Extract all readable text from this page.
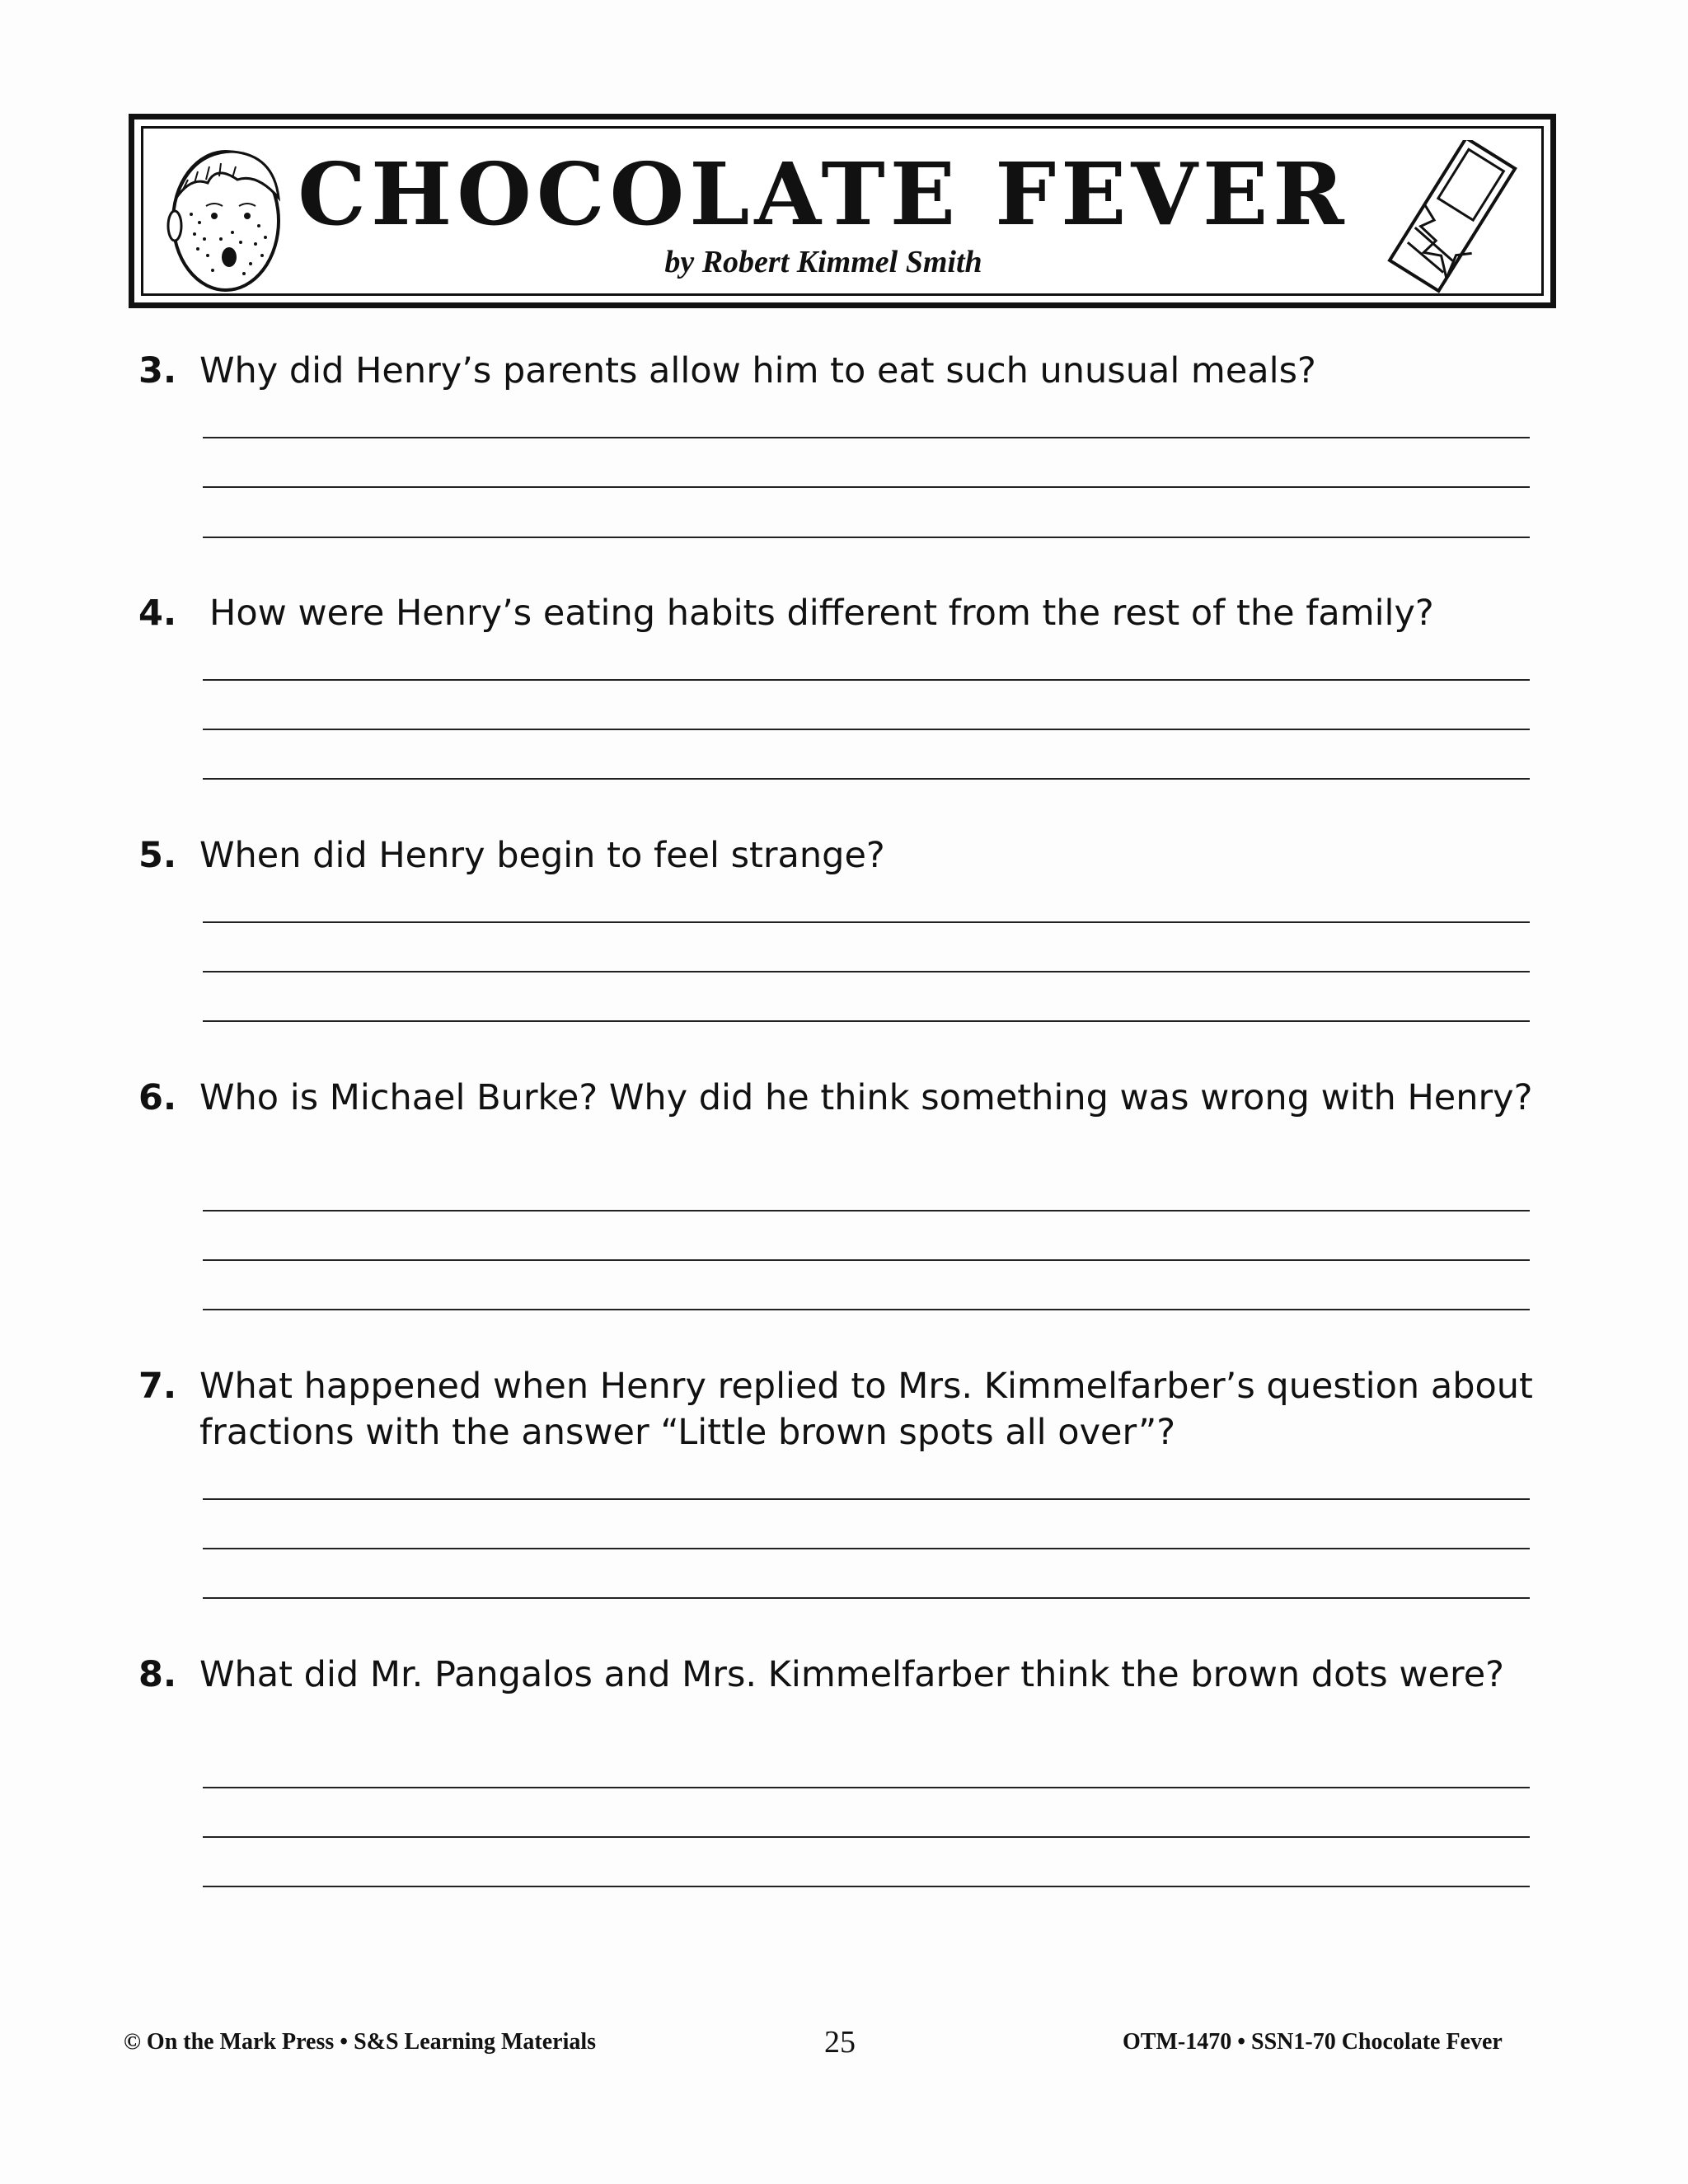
CHOCOLATE FEVER
by Robert Kimmel Smith
3. Why did Henry’s parents allow him to eat such unusual meals?
4. How were Henry’s eating habits different from the rest of the family?
5. When did Henry begin to feel strange?
6. Who is Michael Burke? Why did he think something was wrong with Henry?
7. What happened when Henry replied to Mrs. Kimmelfarber’s question about fractions with the answer “Little brown spots all over”?
8. What did Mr. Pangalos and Mrs. Kimmelfarber think the brown dots were?
© On the Mark Press • S&S Learning Materials	25	OTM-1470 • SSN1-70 Chocolate Fever
